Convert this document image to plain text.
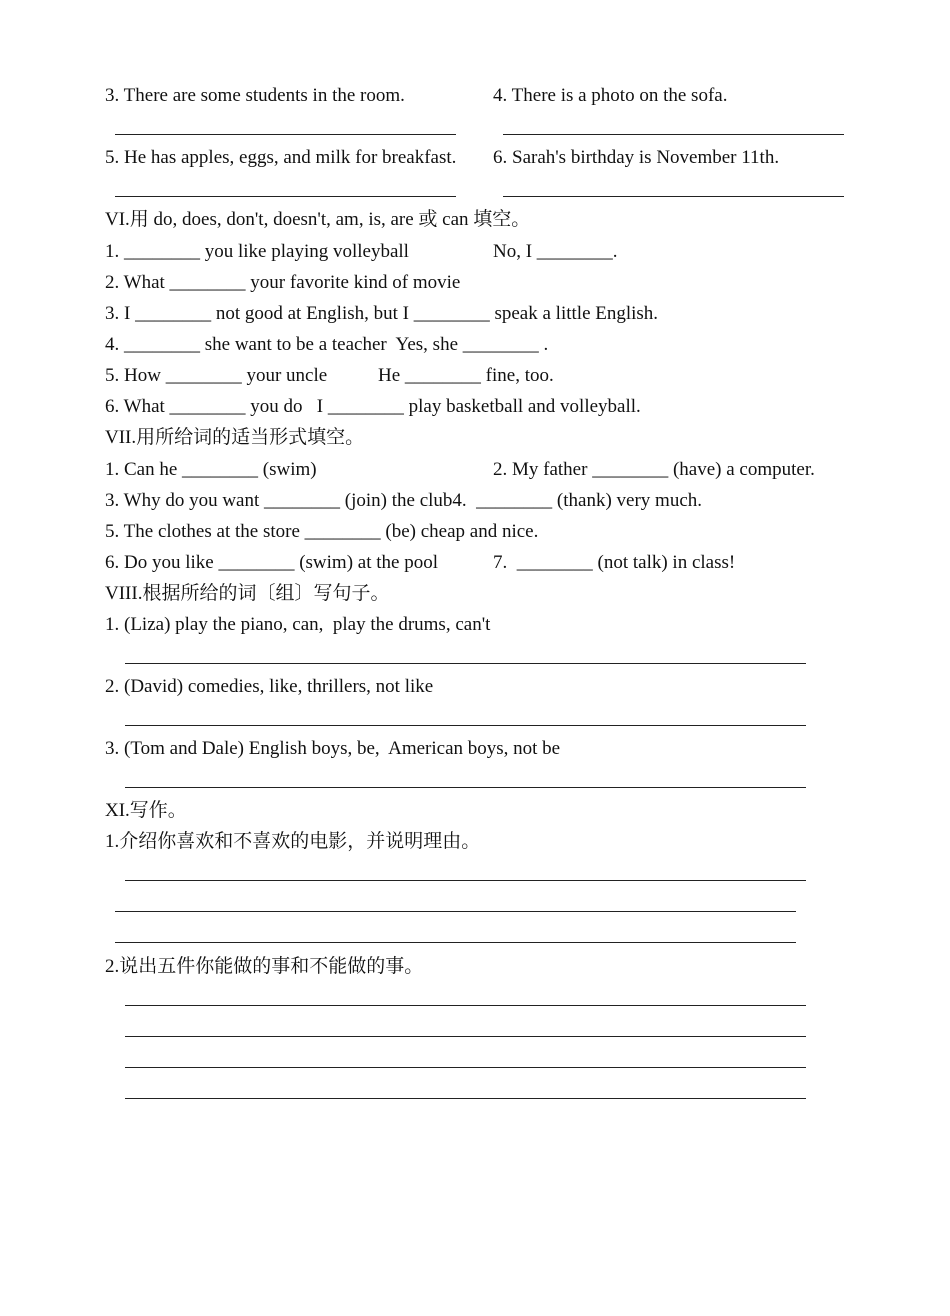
3. There are some students in the room.	4. There is a photo on the sofa.
5. He has apples, eggs, and milk for breakfast. 6. Sarah's birthday is November 11th.
VI.用 do, does, don't, doesn't, am, is, are 或 can 填空。
1. ________ you like playing volleyball	No, I ________.
2. What ________ your favorite kind of movie
3. I ________ not good at English, but I ________ speak a little English.
4. ________ she want to be a teacher  Yes, she ________ .
5. How ________ your uncle	He ________ fine, too.
6. What ________ you do   I ________ play basketball and volleyball.
VII.用所给词的适当形式填空。
1. Can he ________ (swim)	2. My father ________ (have) a computer.
3. Why do you want ________ (join) the club4.  ________ (thank) very much.
5. The clothes at the store ________ (be) cheap and nice.
6. Do you like ________ (swim) at the pool	7.  ________ (not talk) in class!
VIII.根据所给的词〔组〕写句子。
1. (Liza) play the piano, can,  play the drums, can't
2. (David) comedies, like, thrillers, not like
3. (Tom and Dale) English boys, be,  American boys, not be
XI.写作。
1.介绍你喜欢和不喜欢的电影，并说明理由。
2.说出五件你能做的事和不能做的事。
